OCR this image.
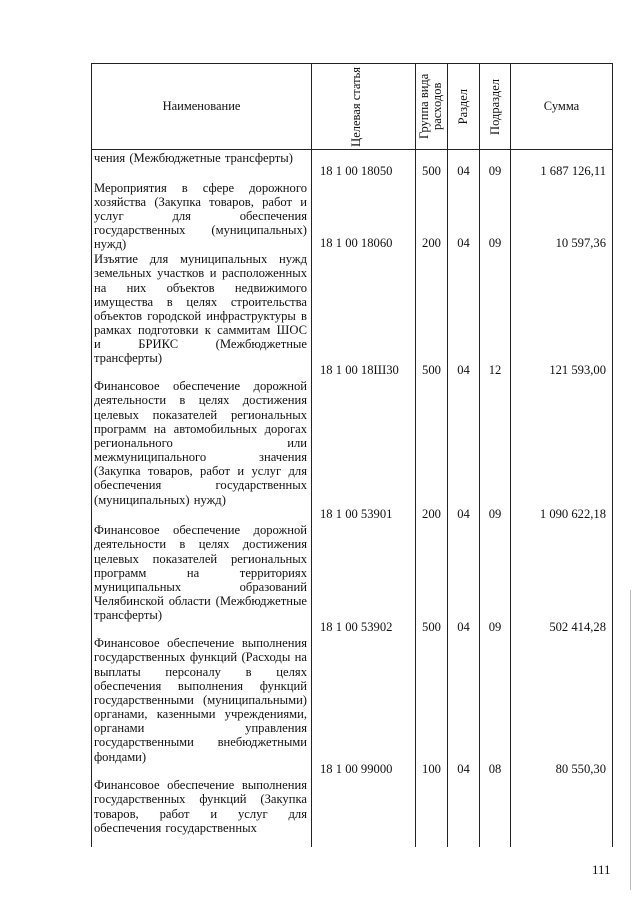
Наименование	Целевая статья	Группа вида расходов	Раздел	Подраздел	Сумма

чения (Межбюджетные трансферты)	18 1 00 18050	500	04	09	1 687 126,11

Мероприятия в сфере дорожного хозяйства (Закупка товаров, работ и услуг для обеспечения государственных (муниципальных) нужд)	18 1 00 18060	200	04	09	10 597,36

Изъятие для муниципальных нужд земельных участков и расположенных на них объектов недвижимого имущества в целях строительства объектов городской инфраструктуры в рамках подготовки к саммитам ШОС и БРИКС (Межбюджетные трансферты)	18 1 00 18Ш30	500	04	12	121 593,00

Финансовое обеспечение дорожной деятельности в целях достижения целевых показателей региональных программ на автомобильных дорогах регионального или межмуниципального значения (Закупка товаров, работ и услуг для обеспечения государственных (муниципальных) нужд)	18 1 00 53901	200	04	09	1 090 622,18

Финансовое обеспечение дорожной деятельности в целях достижения целевых показателей региональных программ на территориях муниципальных образований Челябинской области (Межбюджетные трансферты)	18 1 00 53902	500	04	09	502 414,28

Финансовое обеспечение выполнения государственных функций (Расходы на выплаты персоналу в целях обеспечения выполнения функций государственными (муниципальными) органами, казенными учреждениями, органами управления государственными внебюджетными фондами)	18 1 00 99000	100	04	08	80 550,30

Финансовое обеспечение выполнения государственных функций (Закупка товаров, работ и услуг для обеспечения государственных					

111
